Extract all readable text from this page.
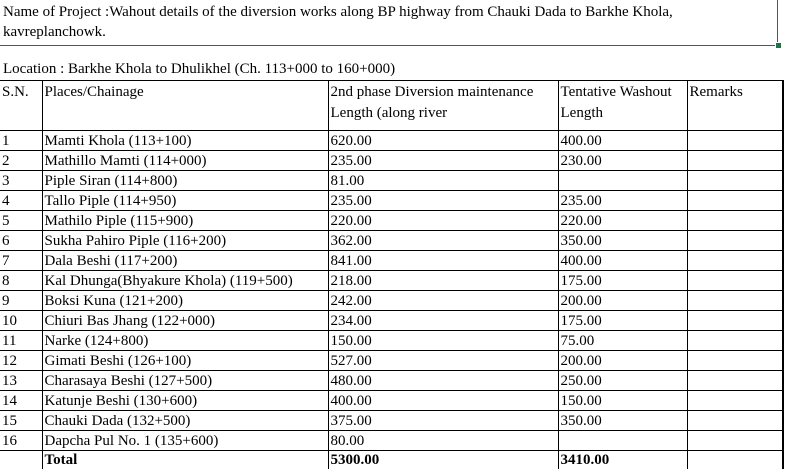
Name of Project :Wahout details of the diversion works along BP highway from Chauki Dada to Barkhe Khola, kavreplanchowk.
Location : Barkhe Khola to Dhulikhel (Ch. 113+000 to 160+000)
S.N.	Places/Chainage	2nd phase Diversion maintenance Length (along river	Tentative Washout Length	Remarks
1	Mamti Khola (113+100)	620.00	400.00	
2	Mathillo Mamti (114+000)	235.00	230.00	
3	Piple Siran (114+800)	81.00		
4	Tallo Piple (114+950)	235.00	235.00	
5	Mathilo Piple (115+900)	220.00	220.00	
6	Sukha Pahiro Piple (116+200)	362.00	350.00	
7	Dala Beshi (117+200)	841.00	400.00	
8	Kal Dhunga(Bhyakure Khola) (119+500)	218.00	175.00	
9	Boksi Kuna (121+200)	242.00	200.00	
10	Chiuri Bas Jhang (122+000)	234.00	175.00	
11	Narke (124+800)	150.00	75.00	
12	Gimati Beshi (126+100)	527.00	200.00	
13	Charasaya Beshi (127+500)	480.00	250.00	
14	Katunje Beshi (130+600)	400.00	150.00	
15	Chauki Dada (132+500)	375.00	350.00	
16	Dapcha Pul No. 1 (135+600)	80.00		
	Total	5300.00	3410.00	
